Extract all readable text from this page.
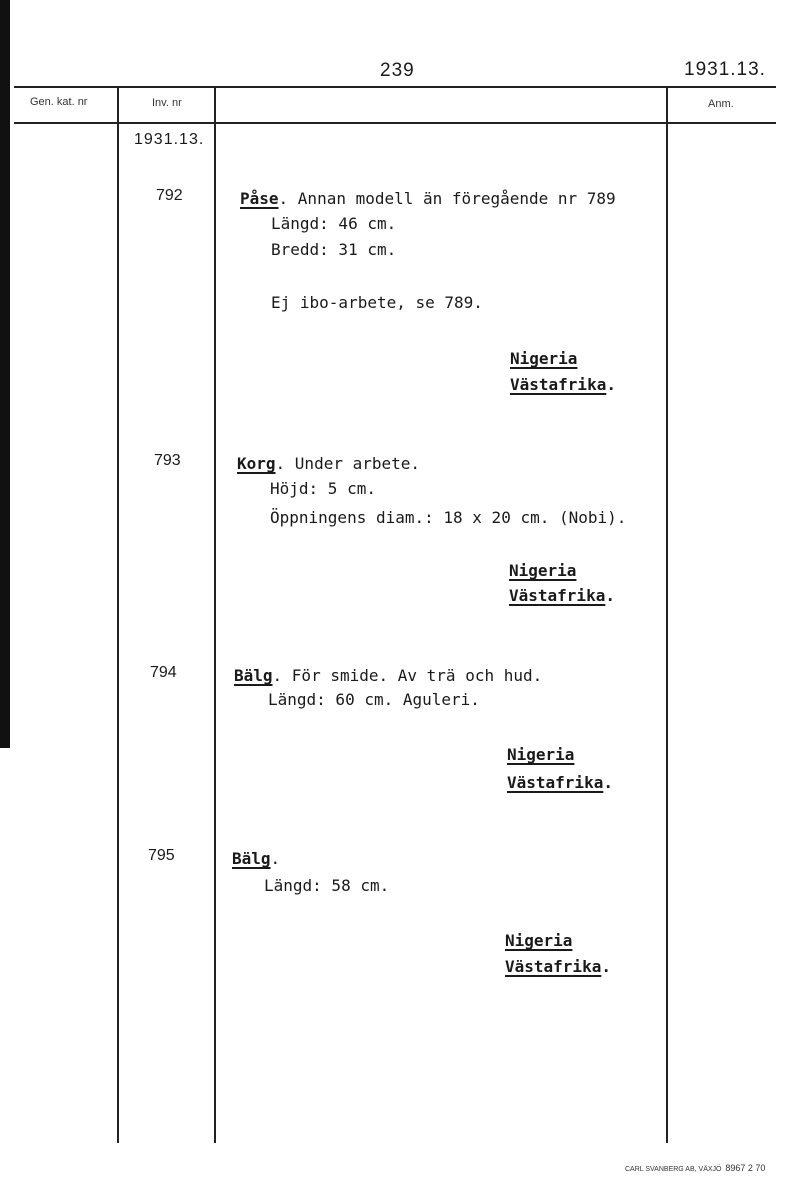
239	1931.13.
Gen. kat. nr	Inv. nr	Anm.
1931.13.
792	Påse. Annan modell än föregående nr 789
Längd: 46 cm.
Bredd: 31 cm.
Ej ibo-arbete, se 789.
Nigeria
Västafrika.
793	Korg. Under arbete.
Höjd: 5 cm.
Öppningens diam.: 18 x 20 cm. (Nobi).
Nigeria
Västafrika.
794	Bälg. För smide. Av trä och hud.
Längd: 60 cm. Aguleri.
Nigeria
Västafrika.
795	Bälg.
Längd: 58 cm.
Nigeria
Västafrika.
CARL SVANBERG AB, VÄXJÖ 8967 2 70
